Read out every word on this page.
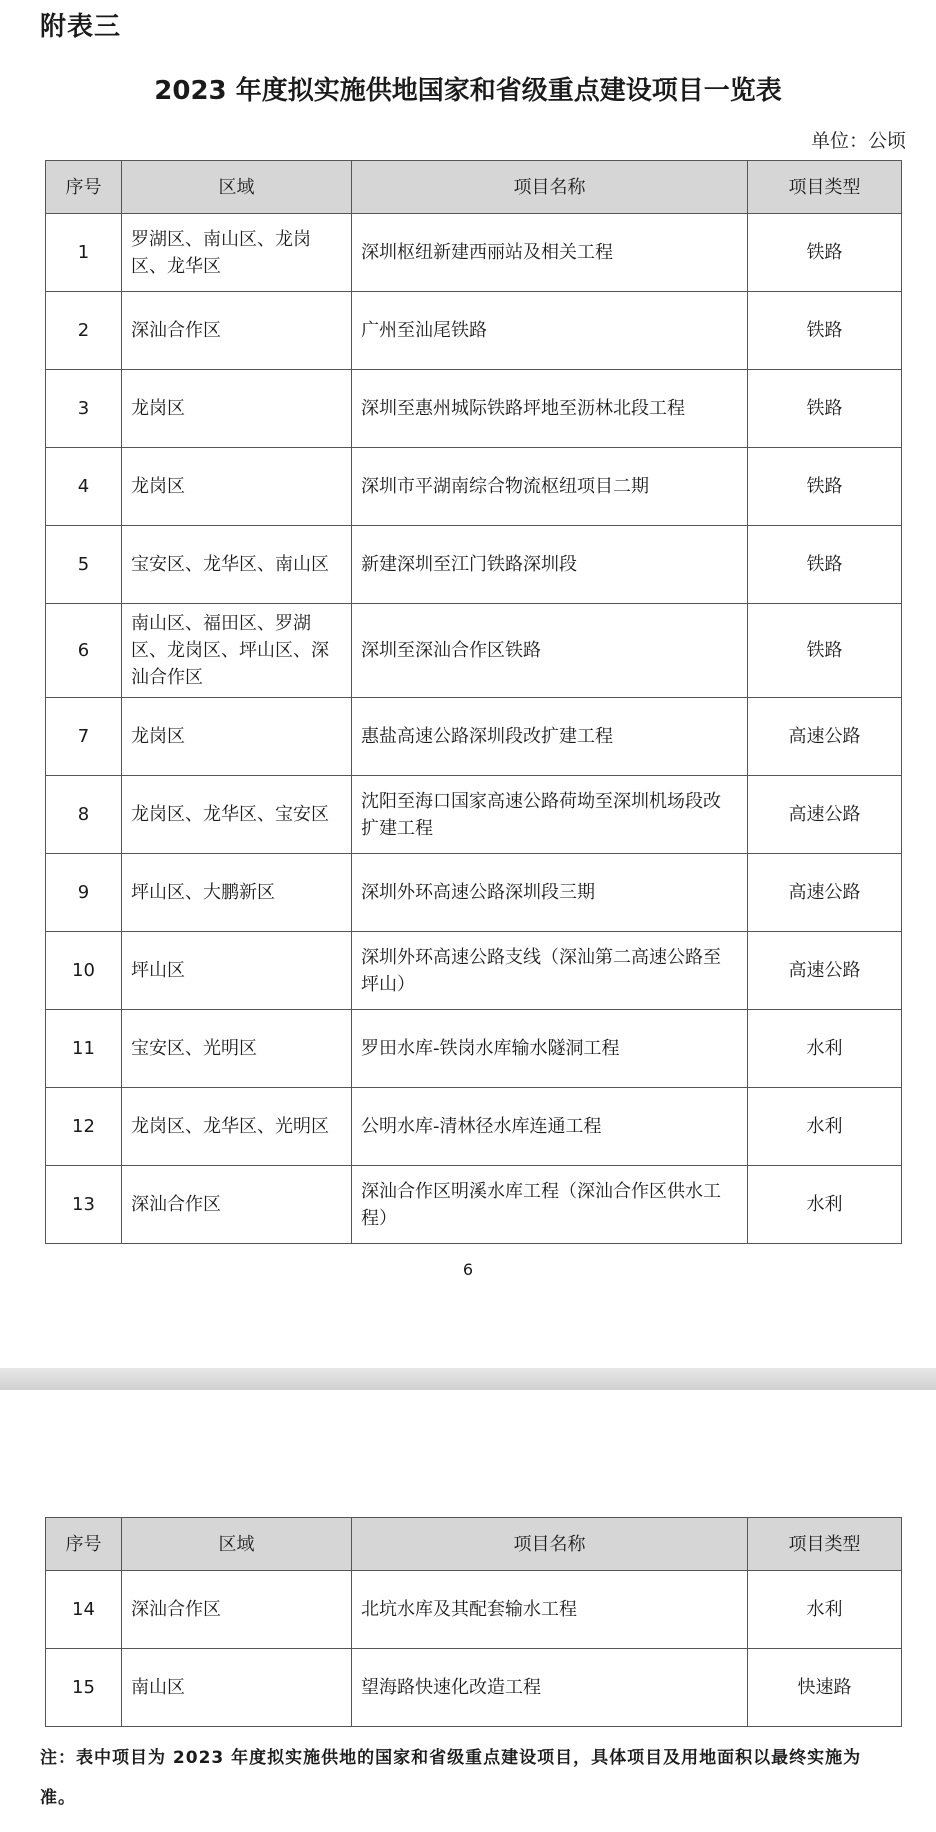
附表三
2023 年度拟实施供地国家和省级重点建设项目一览表
单位：公顷
序号	区域	项目名称	项目类型
1	罗湖区、南山区、龙岗区、龙华区	深圳枢纽新建西丽站及相关工程	铁路
2	深汕合作区	广州至汕尾铁路	铁路
3	龙岗区	深圳至惠州城际铁路坪地至沥林北段工程	铁路
4	龙岗区	深圳市平湖南综合物流枢纽项目二期	铁路
5	宝安区、龙华区、南山区	新建深圳至江门铁路深圳段	铁路
6	南山区、福田区、罗湖区、龙岗区、坪山区、深汕合作区	深圳至深汕合作区铁路	铁路
7	龙岗区	惠盐高速公路深圳段改扩建工程	高速公路
8	龙岗区、龙华区、宝安区	沈阳至海口国家高速公路荷坳至深圳机场段改扩建工程	高速公路
9	坪山区、大鹏新区	深圳外环高速公路深圳段三期	高速公路
10	坪山区	深圳外环高速公路支线（深汕第二高速公路至坪山）	高速公路
11	宝安区、光明区	罗田水库-铁岗水库输水隧洞工程	水利
12	龙岗区、龙华区、光明区	公明水库-清林径水库连通工程	水利
13	深汕合作区	深汕合作区明溪水库工程（深汕合作区供水工程）	水利
6
序号	区域	项目名称	项目类型
14	深汕合作区	北坑水库及其配套输水工程	水利
15	南山区	望海路快速化改造工程	快速路
注：表中项目为 2023 年度拟实施供地的国家和省级重点建设项目，具体项目及用地面积以最终实施为准。
